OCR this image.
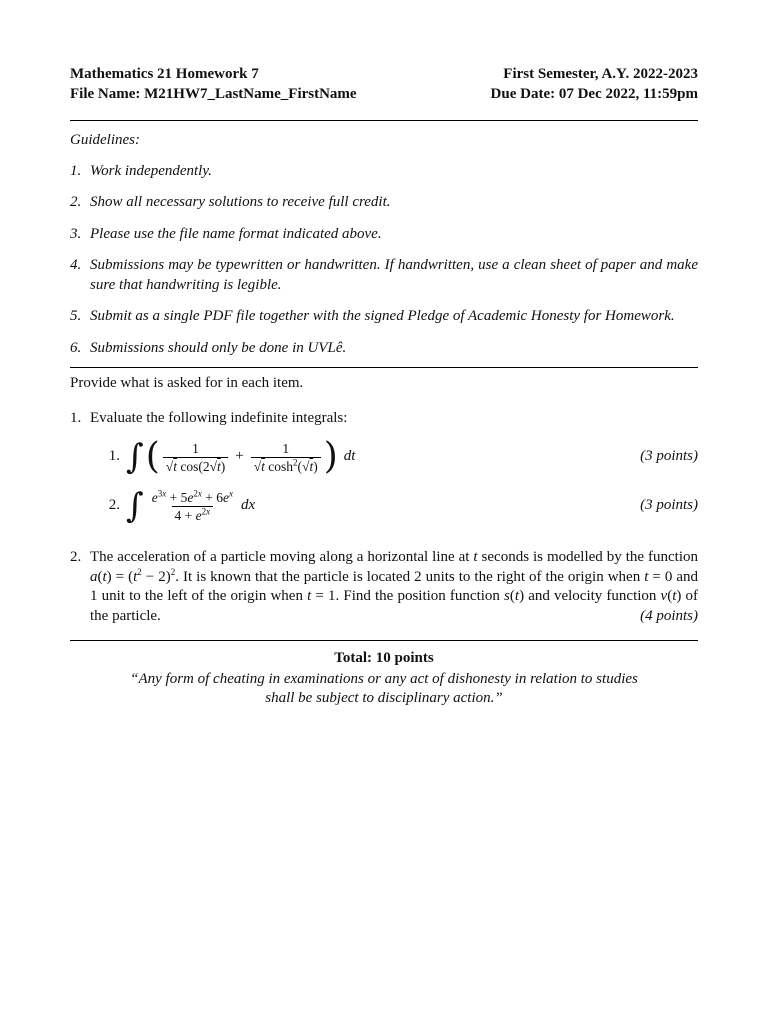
Mathematics 21 Homework 7	First Semester, A.Y. 2022-2023
File Name: M21HW7_LastName_FirstName	Due Date: 07 Dec 2022, 11:59pm
Guidelines:
1. Work independently.
2. Show all necessary solutions to receive full credit.
3. Please use the file name format indicated above.
4. Submissions may be typewritten or handwritten. If handwritten, use a clean sheet of paper and make sure that handwriting is legible.
5. Submit as a single PDF file together with the signed Pledge of Academic Honesty for Homework.
6. Submissions should only be done in UVLê.
Provide what is asked for in each item.
1. Evaluate the following indefinite integrals:
1. ∫ ( $\frac{1}{\text{√t cos(2√t)}} + \frac{1}{√t \cosh^2(√t)}$ ) dt	(3 points)
2. ∫ $\frac{e^{3x} + 5e^{2x} + 6e^x}{4 + e^{2x}}$ dx	(3 points)
2. The acceleration of a particle moving along a horizontal line at t seconds is modelled by the function $a(t) = (t^2 - 2)^2$. It is known that the particle is located 2 units to the right of the origin when t = 0 and 1 unit to the left of the origin when t = 1. Find the position function s(t) and velocity function v(t) of the particle.	(4 points)
Total: 10 points
“Any form of cheating in examinations or any act of dishonesty in relation to studies
shall be subject to disciplinary action.”
